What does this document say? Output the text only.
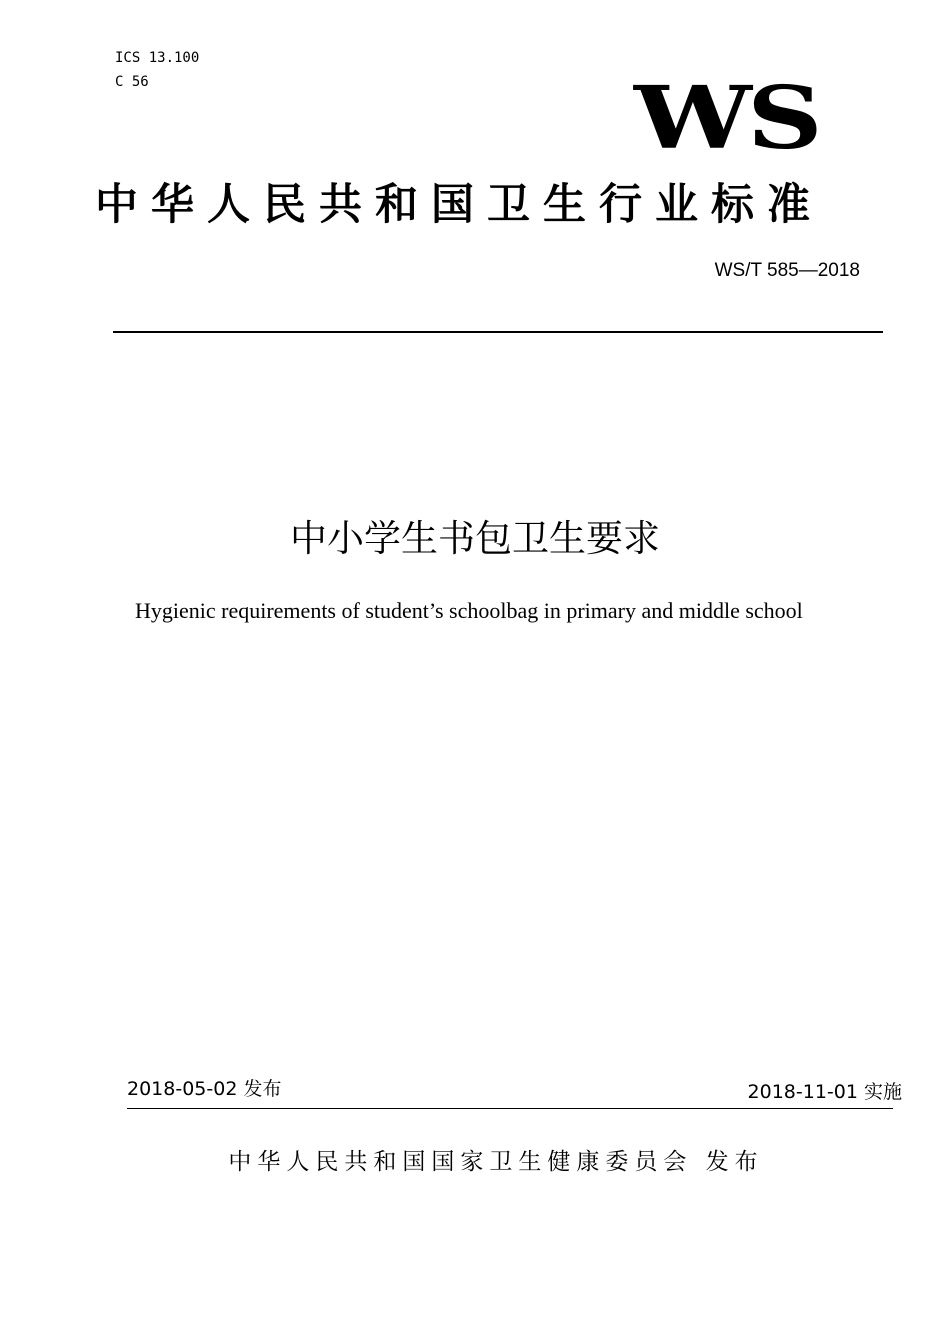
ICS 13.100
C 56	WS
中华人民共和国卫生行业标准
WS/T 585—2018
中小学生书包卫生要求
Hygienic requirements of student’s schoolbag in primary and middle school
2018-05-02 发布	2018-11-01 实施
中华人民共和国国家卫生健康委员会 发布
